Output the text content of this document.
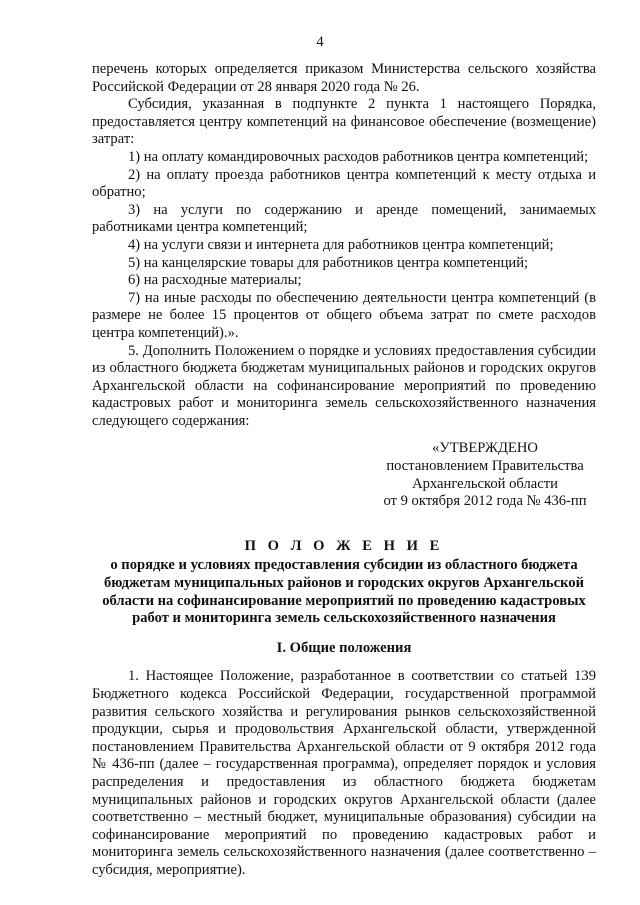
4

перечень которых определяется приказом Министерства сельского хозяйства Российской Федерации от 28 января 2020 года № 26.

Субсидия, указанная в подпункте 2 пункта 1 настоящего Порядка, предоставляется центру компетенций на финансовое обеспечение (возмещение) затрат:

1) на оплату командировочных расходов работников центра компетенций;

2) на оплату проезда работников центра компетенций к месту отдыха и обратно;

3) на услуги по содержанию и аренде помещений, занимаемых работниками центра компетенций;

4) на услуги связи и интернета для работников центра компетенций;

5) на канцелярские товары для работников центра компетенций;

6) на расходные материалы;

7) на иные расходы по обеспечению деятельности центра компетенций (в размере не более 15 процентов от общего объема затрат по смете расходов центра компетенций).».

5. Дополнить Положением о порядке и условиях предоставления субсидии из областного бюджета бюджетам муниципальных районов и городских округов Архангельской области на софинансирование мероприятий по проведению кадастровых работ и мониторинга земель сельскохозяйственного назначения следующего содержания:

«УТВЕРЖДЕНО
постановлением Правительства
Архангельской области
от 9 октября 2012 года № 436-пп
П О Л О Ж Е Н И Е
о порядке и условиях предоставления субсидии из областного бюджета бюджетам муниципальных районов и городских округов Архангельской области на софинансирование мероприятий по проведению кадастровых работ и мониторинга земель сельскохозяйственного назначения
I. Общие положения

1. Настоящее Положение, разработанное в соответствии со статьей 139 Бюджетного кодекса Российской Федерации, государственной программой развития сельского хозяйства и регулирования рынков сельскохозяйственной продукции, сырья и продовольствия Архангельской области, утвержденной постановлением Правительства Архангельской области от 9 октября 2012 года № 436-пп (далее – государственная программа), определяет порядок и условия распределения и предоставления из областного бюджета бюджетам муниципальных районов и городских округов Архангельской области (далее соответственно – местный бюджет, муниципальные образования) субсидии на софинансирование мероприятий по проведению кадастровых работ и мониторинга земель сельскохозяйственного назначения (далее соответственно – субсидия, мероприятие).
